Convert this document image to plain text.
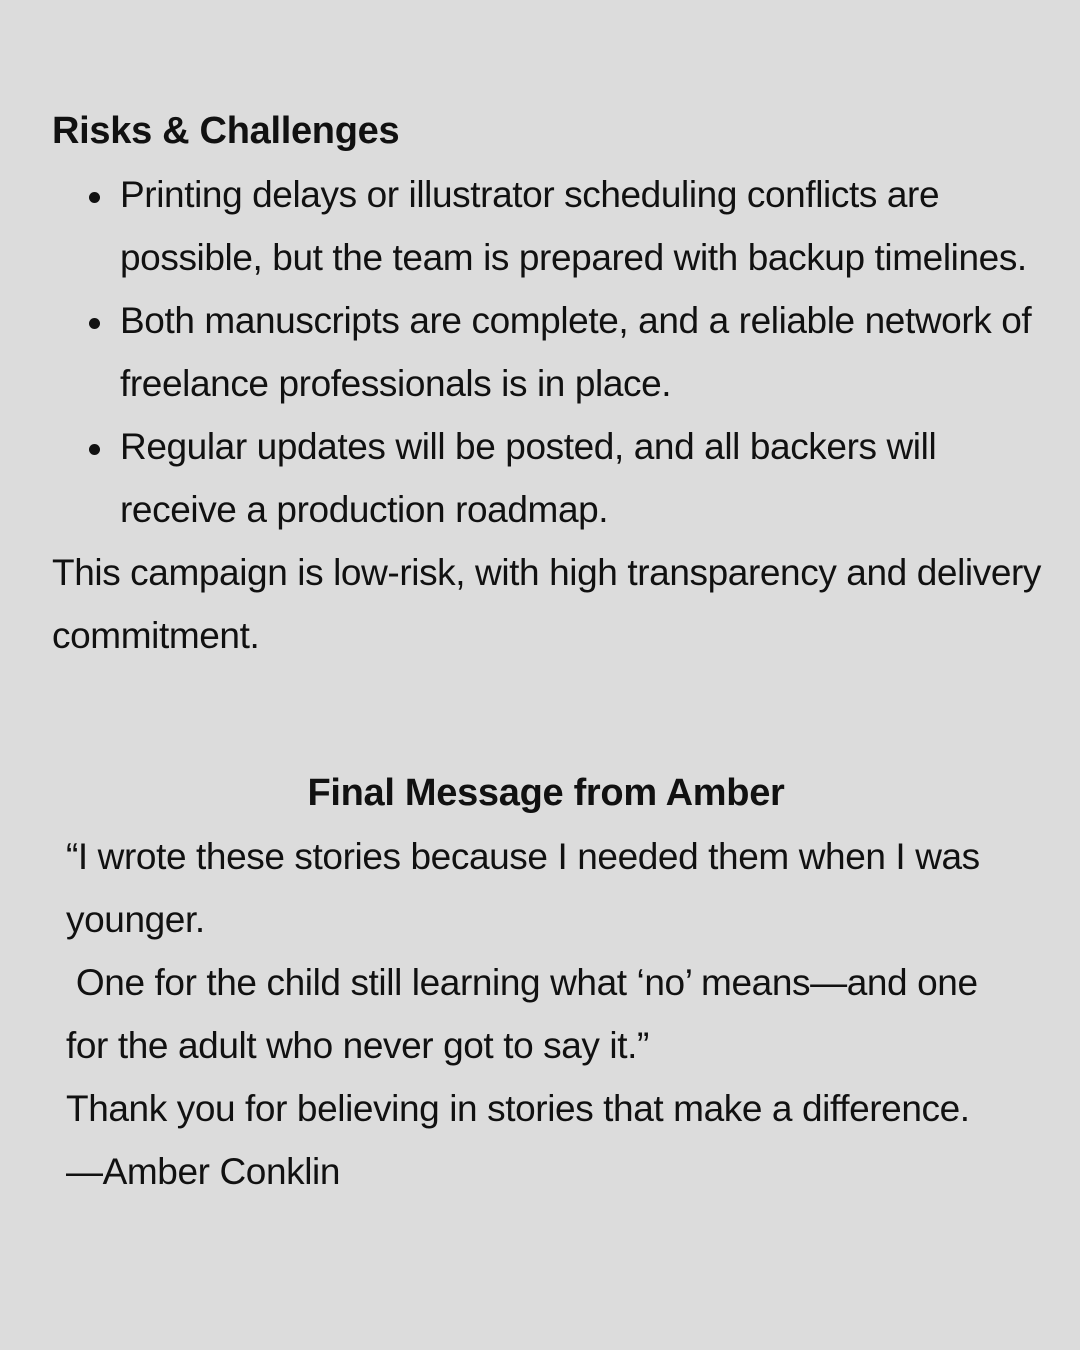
Risks & Challenges
Printing delays or illustrator scheduling conflicts are possible, but the team is prepared with backup timelines.
Both manuscripts are complete, and a reliable network of freelance professionals is in place.
Regular updates will be posted, and all backers will receive a production roadmap.

This campaign is low-risk, with high transparency and delivery commitment.

Final Message from Amber

“I wrote these stories because I needed them when I was younger.

One for the child still learning what ‘no’ means—and one for the adult who never got to say it.”

Thank you for believing in stories that make a difference.

—Amber Conklin
